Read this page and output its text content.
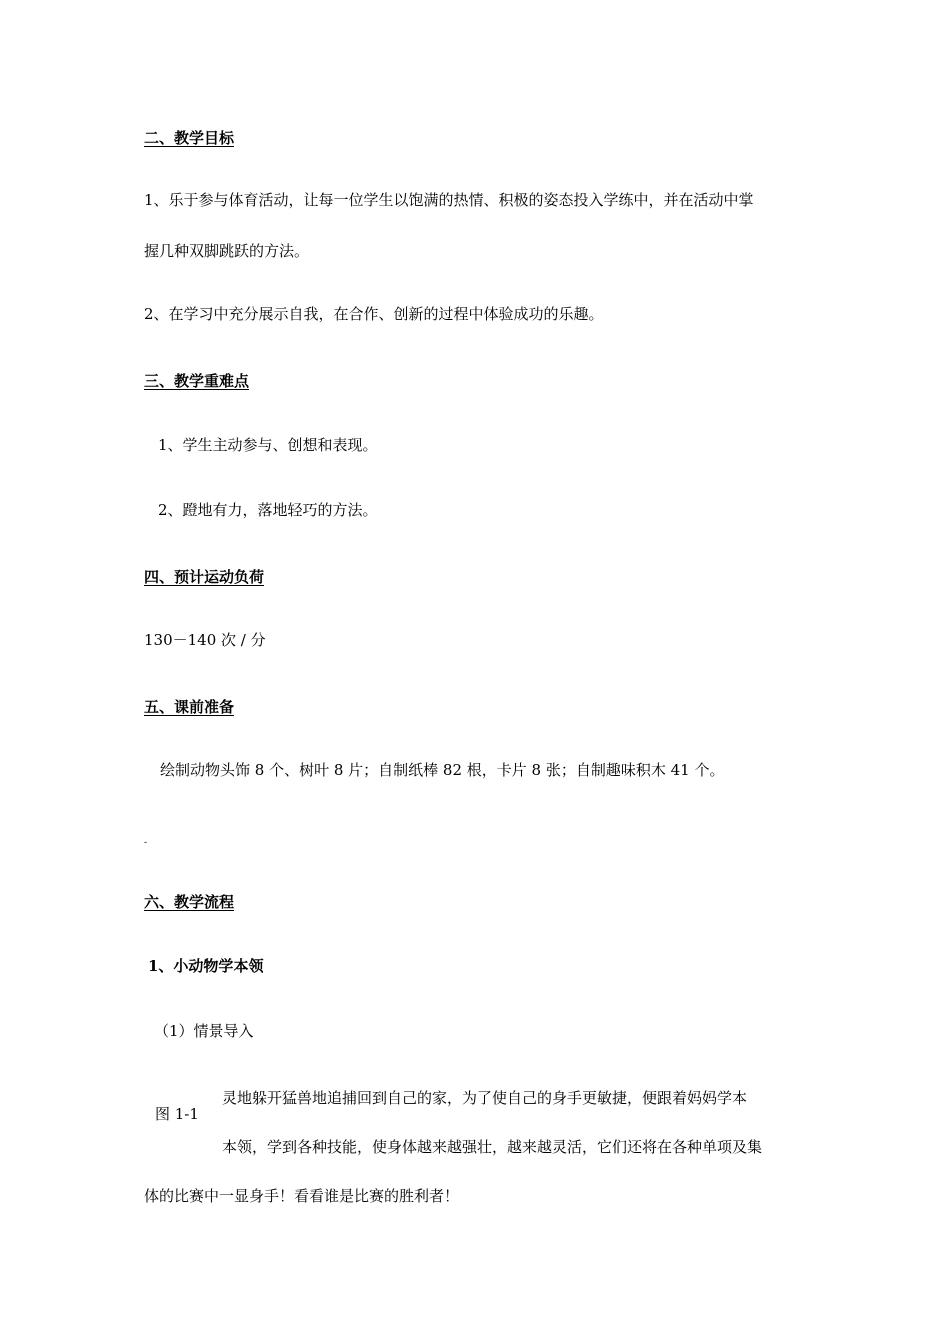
二、教学目标
1、乐于参与体育活动，让每一位学生以饱满的热情、积极的姿态投入学练中，并在活动中掌
握几种双脚跳跃的方法。
2、在学习中充分展示自我，在合作、创新的过程中体验成功的乐趣。
三、教学重难点
1、学生主动参与、创想和表现。
2、蹬地有力，落地轻巧的方法。
四、预计运动负荷
130－140 次 / 分
五、课前准备
绘制动物头饰 8 个、树叶 8 片；自制纸棒 82 根，卡片 8 张；自制趣味积木 41 个。
-
六、教学流程
1、小动物学本领
（1）情景导入
图 1-1
灵地躲开猛兽地追捕回到自己的家，为了使自己的身手更敏捷，便跟着妈妈学本
本领，学到各种技能，使身体越来越强壮，越来越灵活，它们还将在各种单项及集
体的比赛中一显身手！看看谁是比赛的胜利者！
